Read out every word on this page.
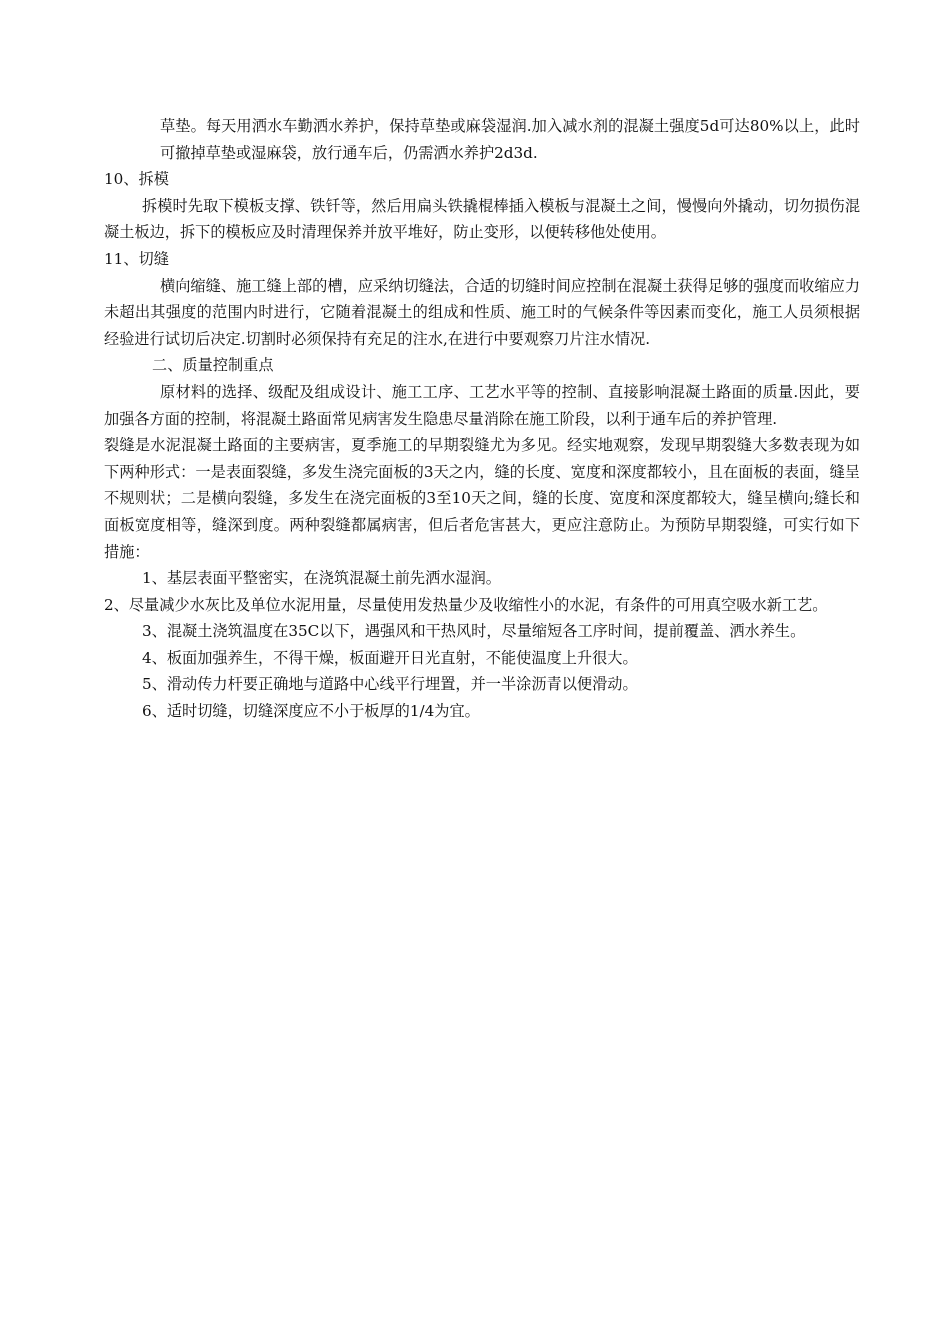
草垫。每天用洒水车勤洒水养护，保持草垫或麻袋湿润.加入减水剂的混凝土强度5d可达80%以上，此时可撤掉草垫或湿麻袋，放行通车后，仍需洒水养护2d3d.

10、拆模

拆模时先取下模板支撑、铁钎等，然后用扁头铁撬棍棒插入模板与混凝土之间，慢慢向外撬动，切勿损伤混凝土板边，拆下的模板应及时清理保养并放平堆好，防止变形，以便转移他处使用。

11、切缝

横向缩缝、施工缝上部的槽，应采纳切缝法，合适的切缝时间应控制在混凝土获得足够的强度而收缩应力未超出其强度的范围内时进行，它随着混凝土的组成和性质、施工时的气候条件等因素而变化，施工人员须根据经验进行试切后决定.切割时必须保持有充足的注水,在进行中要观察刀片注水情况.

二、质量控制重点

原材料的选择、级配及组成设计、施工工序、工艺水平等的控制、直接影响混凝土路面的质量.因此，要加强各方面的控制，将混凝土路面常见病害发生隐患尽量消除在施工阶段，以利于通车后的养护管理.

裂缝是水泥混凝土路面的主要病害，夏季施工的早期裂缝尤为多见。经实地观察，发现早期裂缝大多数表现为如下两种形式：一是表面裂缝，多发生浇完面板的3天之内，缝的长度、宽度和深度都较小，且在面板的表面，缝呈不规则状；二是横向裂缝，多发生在浇完面板的3至10天之间，缝的长度、宽度和深度都较大，缝呈横向;缝长和面板宽度相等，缝深到度。两种裂缝都属病害，但后者危害甚大，更应注意防止。为预防早期裂缝，可实行如下措施：

1、基层表面平整密实，在浇筑混凝土前先洒水湿润。

2、尽量减少水灰比及单位水泥用量，尽量使用发热量少及收缩性小的水泥，有条件的可用真空吸水新工艺。

3、混凝土浇筑温度在35C以下，遇强风和干热风时，尽量缩短各工序时间，提前覆盖、洒水养生。

4、板面加强养生，不得干燥，板面避开日光直射，不能使温度上升很大。

5、滑动传力杆要正确地与道路中心线平行埋置，并一半涂沥青以便滑动。

6、适时切缝，切缝深度应不小于板厚的1/4为宜。
